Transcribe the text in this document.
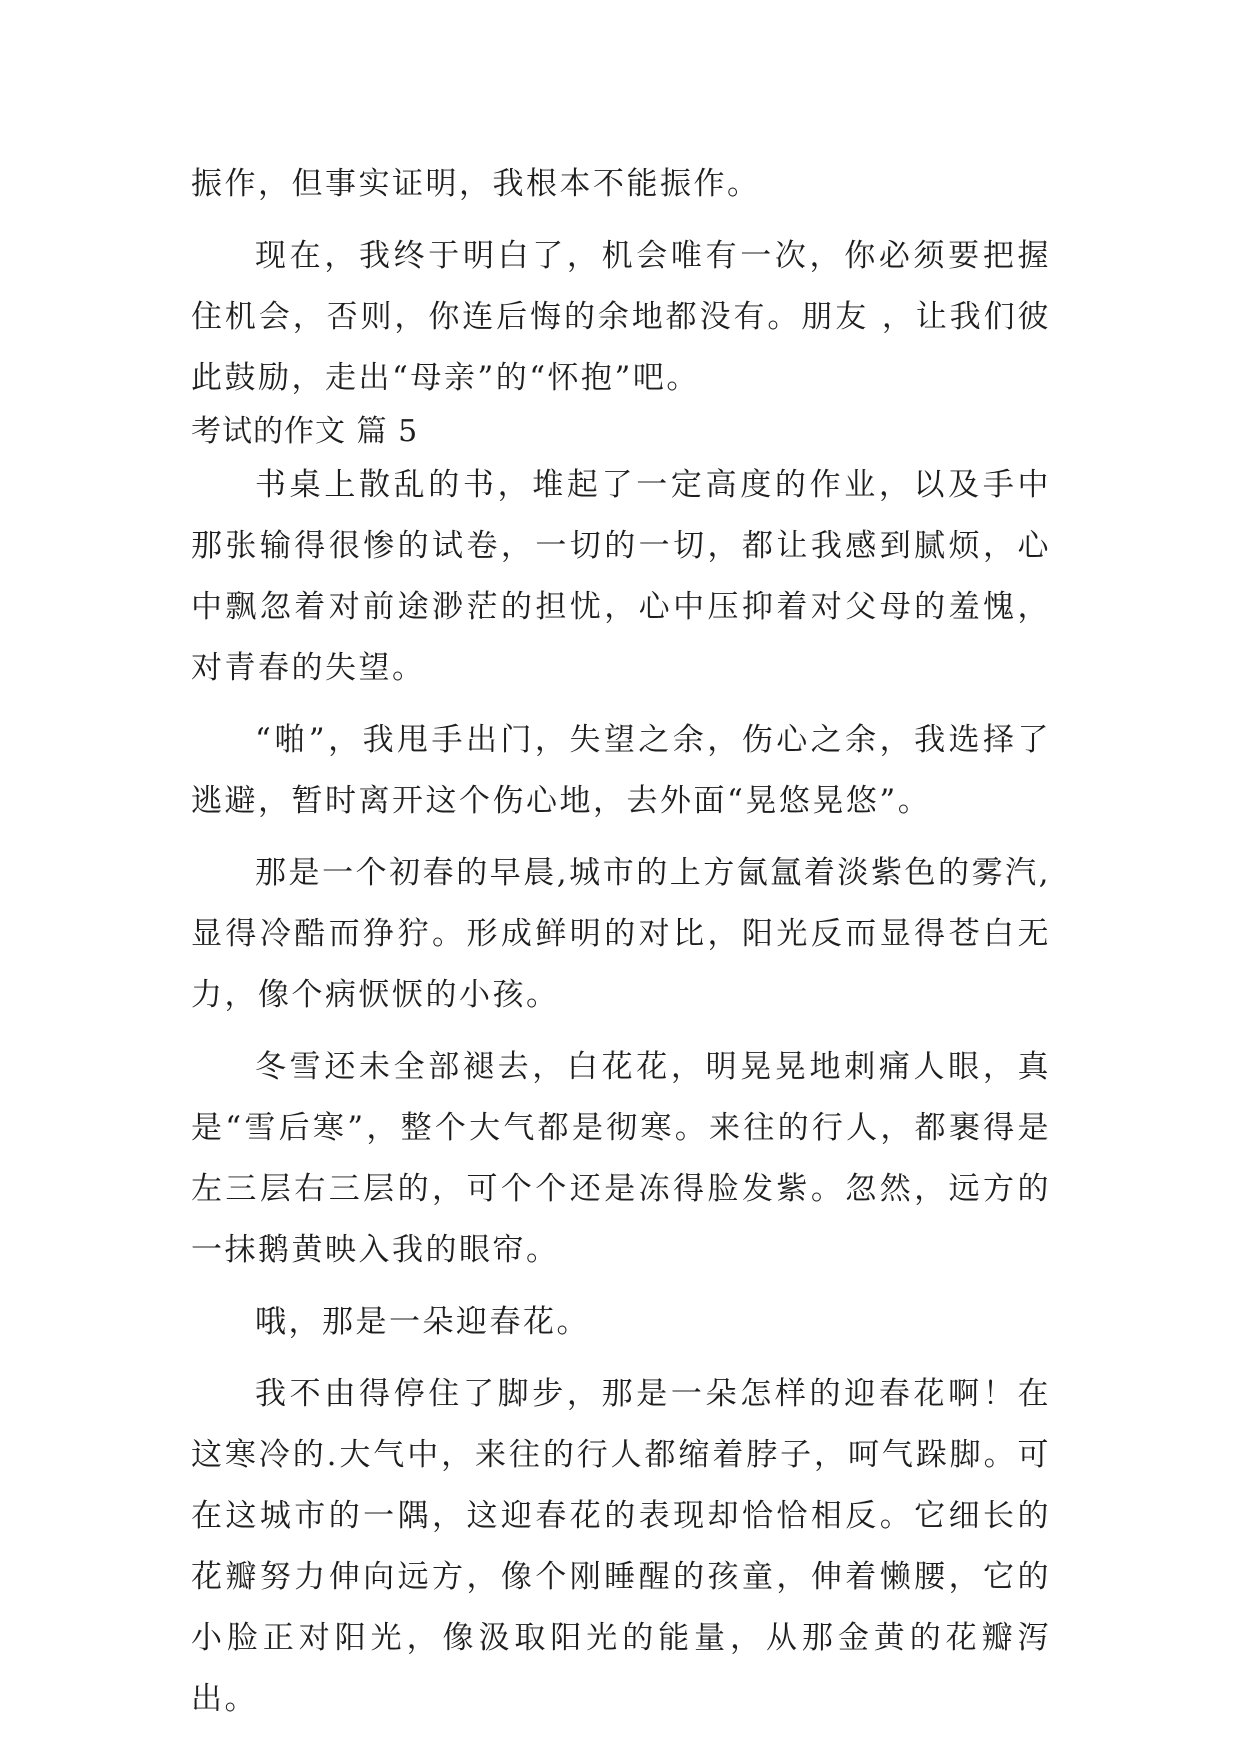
振作，但事实证明，我根本不能振作。

现在，我终于明白了，机会唯有一次，你必须要把握住机会，否则，你连后悔的余地都没有。朋友 ，让我们彼此鼓励，走出“母亲”的“怀抱”吧。

考试的作文 篇 5

书桌上散乱的书，堆起了一定高度的作业，以及手中那张输得很惨的试卷，一切的一切，都让我感到腻烦，心中飘忽着对前途渺茫的担忧，心中压抑着对父母的羞愧，对青春的失望。

“啪”，我甩手出门，失望之余，伤心之余，我选择了逃避，暂时离开这个伤心地，去外面“晃悠晃悠”。

那是一个初春的早晨,城市的上方氤氲着淡紫色的雾汽,显得冷酷而狰狞。形成鲜明的对比，阳光反而显得苍白无力，像个病恹恹的小孩。

冬雪还未全部褪去，白花花，明晃晃地刺痛人眼，真是“雪后寒”，整个大气都是彻寒。来往的行人，都裹得是左三层右三层的，可个个还是冻得脸发紫。忽然，远方的一抹鹅黄映入我的眼帘。

哦，那是一朵迎春花。

我不由得停住了脚步，那是一朵怎样的迎春花啊！在这寒冷的.大气中，来往的行人都缩着脖子，呵气跺脚。可在这城市的一隅，这迎春花的表现却恰恰相反。它细长的花瓣努力伸向远方，像个刚睡醒的孩童，伸着懒腰，它的小脸正对阳光，像汲取阳光的能量，从那金黄的花瓣泻出。
